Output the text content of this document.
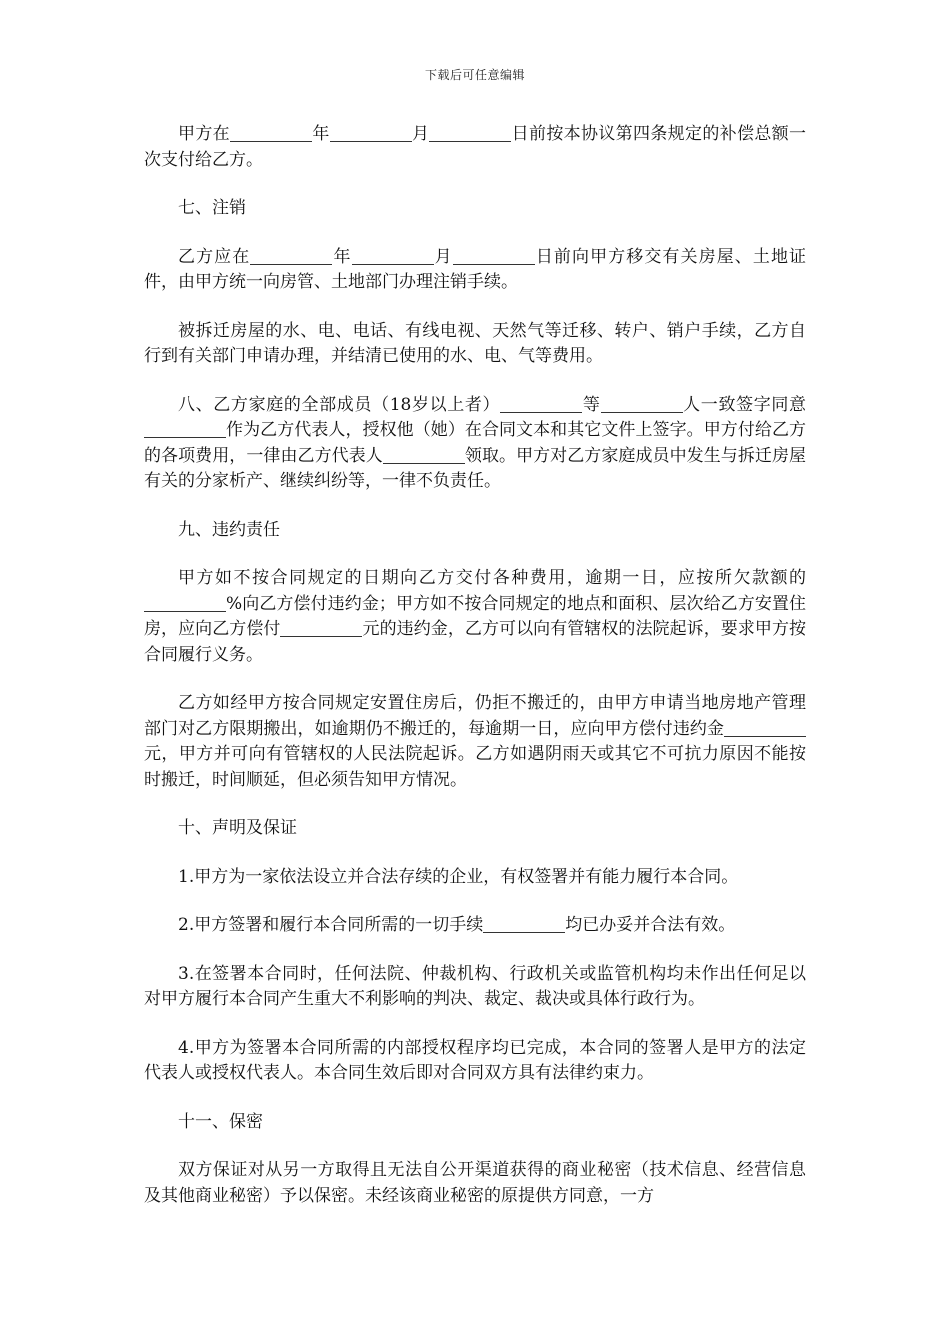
下载后可任意编辑

甲方在	年	月	日前按本协议第四条规定的补偿总额一次支付给乙方。

七、注销

乙方应在	年	月	日前向甲方移交有关房屋、土地证件，由甲方统一向房管、土地部门办理注销手续。

被拆迁房屋的水、电、电话、有线电视、天然气等迁移、转户、销户手续，乙方自行到有关部门申请办理，并结清已使用的水、电、气等费用。

八、乙方家庭的全部成员（18岁以上者）	等	人一致签字同意作为乙方代表人，授权他（她）在合同文本和其它文件上签字。甲方付给乙方的各项费用，一律由乙方代表人	领取。甲方对乙方家庭成员中发生与拆迁房屋有关的分家析产、继续纠纷等，一律不负责任。

九、违约责任

甲方如不按合同规定的日期向乙方交付各种费用，逾期一日，应按所欠款额的%向乙方偿付违约金；甲方如不按合同规定的地点和面积、层次给乙方安置住房，应向乙方偿付	元的违约金，乙方可以向有管辖权的法院起诉，要求甲方按合同履行义务。

乙方如经甲方按合同规定安置住房后，仍拒不搬迁的，由甲方申请当地房地产管理部门对乙方限期搬出，如逾期仍不搬迁的，每逾期一日，应向甲方偿付违约金元，甲方并可向有管辖权的人民法院起诉。乙方如遇阴雨天或其它不可抗力原因不能按时搬迁，时间顺延，但必须告知甲方情况。

十、声明及保证

1.甲方为一家依法设立并合法存续的企业，有权签署并有能力履行本合同。

2.甲方签署和履行本合同所需的一切手续	均已办妥并合法有效。

3.在签署本合同时，任何法院、仲裁机构、行政机关或监管机构均未作出任何足以对甲方履行本合同产生重大不利影响的判决、裁定、裁决或具体行政行为。

4.甲方为签署本合同所需的内部授权程序均已完成，本合同的签署人是甲方的法定代表人或授权代表人。本合同生效后即对合同双方具有法律约束力。

十一、保密

双方保证对从另一方取得且无法自公开渠道获得的商业秘密（技术信息、经营信息及其他商业秘密）予以保密。未经该商业秘密的原提供方同意，一方
